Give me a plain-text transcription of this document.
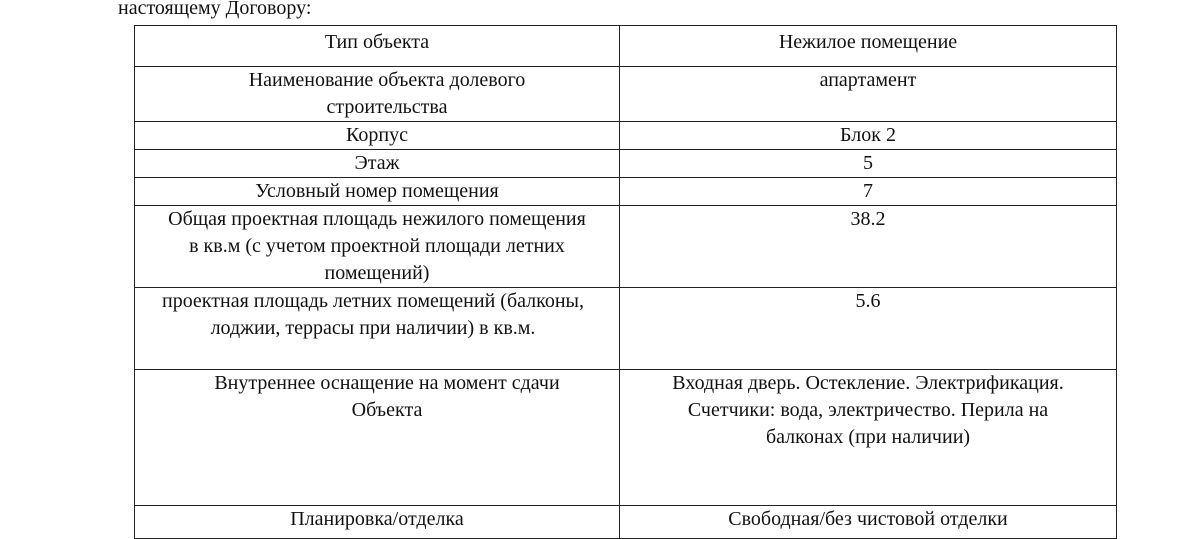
настоящему Договору:
Тип объекта	Нежилое помещение
Наименование объекта долевого строительства	апартамент
Корпус	Блок 2
Этаж	5
Условный номер помещения	7
Общая проектная площадь нежилого помещения в кв.м (с учетом проектной площади летних помещений)	38.2
проектная площадь летних помещений (балконы, лоджии, террасы при наличии) в кв.м.	5.6
Внутреннее оснащение на момент сдачи Объекта	Входная дверь. Остекление. Электрификация. Счетчики: вода, электричество. Перила на балконах (при наличии)
Планировка/отделка	Свободная/без чистовой отделки
